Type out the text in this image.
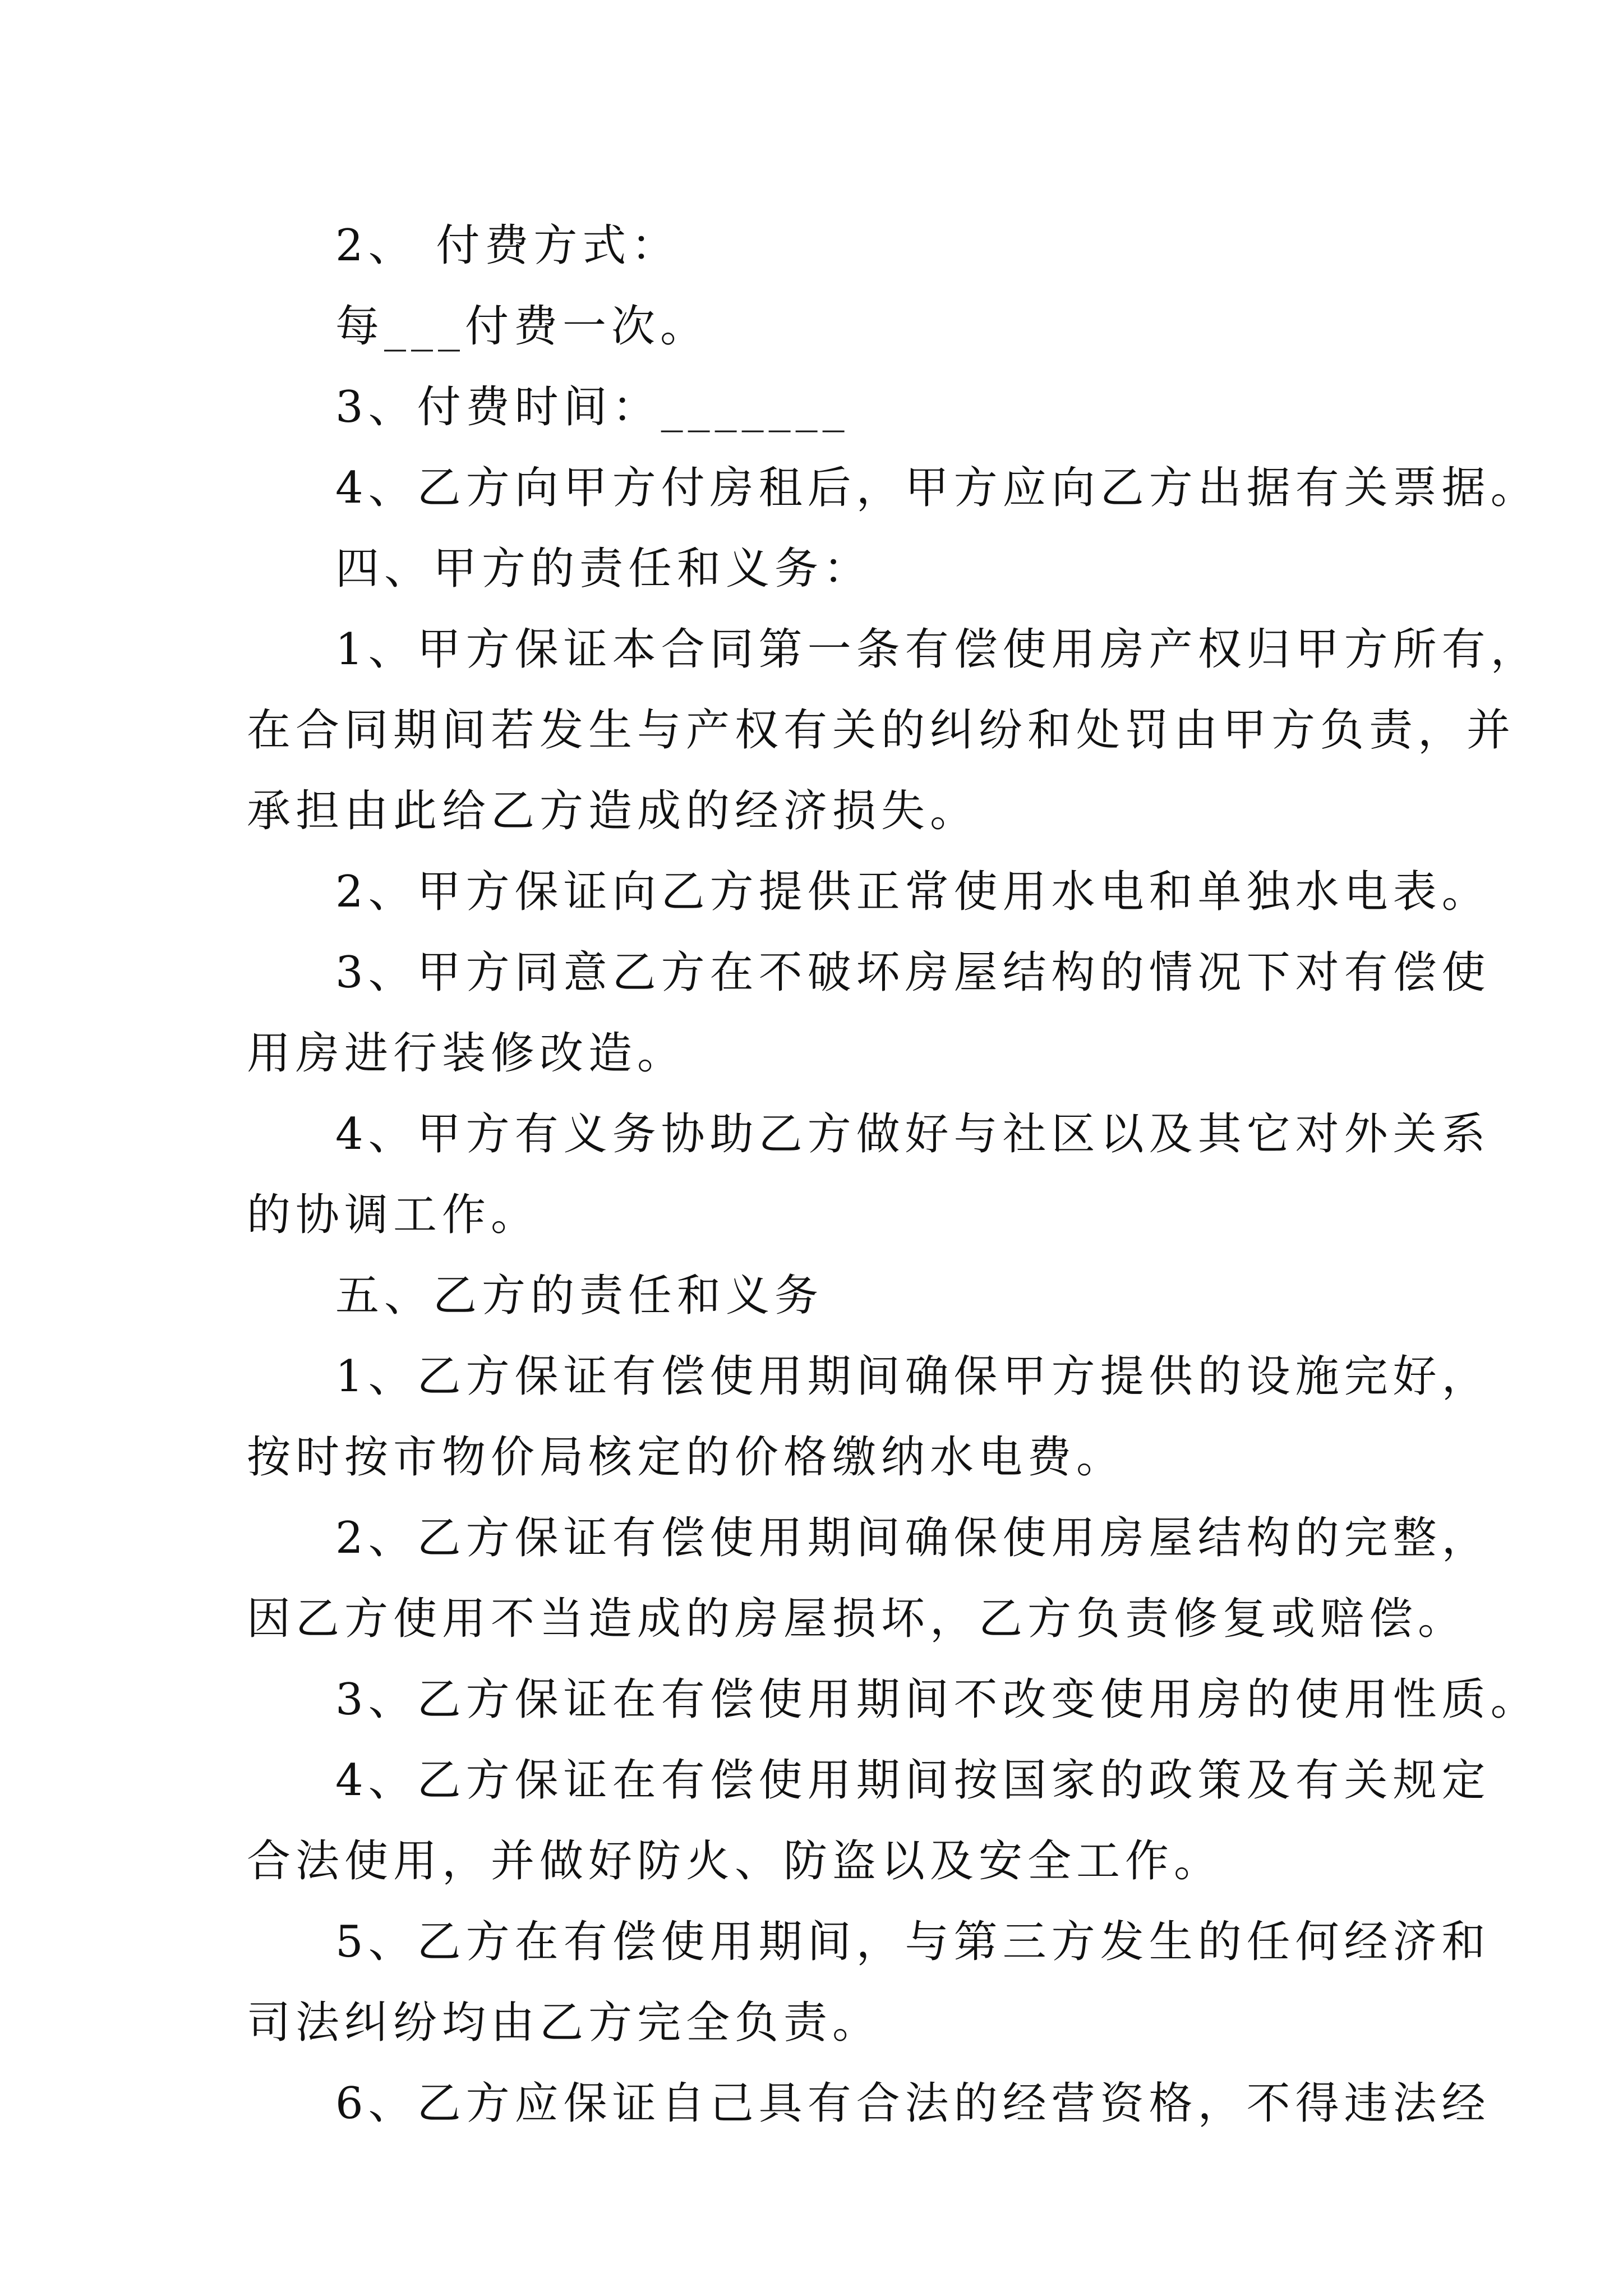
2、 付费方式：
每___付费一次。
3、付费时间：_______
4、乙方向甲方付房租后，甲方应向乙方出据有关票据。
四、甲方的责任和义务：
1、甲方保证本合同第一条有偿使用房产权归甲方所有，
在合同期间若发生与产权有关的纠纷和处罚由甲方负责，并
承担由此给乙方造成的经济损失。
2、甲方保证向乙方提供正常使用水电和单独水电表。
3、甲方同意乙方在不破坏房屋结构的情况下对有偿使
用房进行装修改造。
4、甲方有义务协助乙方做好与社区以及其它对外关系
的协调工作。
五、乙方的责任和义务
1、乙方保证有偿使用期间确保甲方提供的设施完好，
按时按市物价局核定的价格缴纳水电费。
2、乙方保证有偿使用期间确保使用房屋结构的完整，
因乙方使用不当造成的房屋损坏，乙方负责修复或赔偿。
3、乙方保证在有偿使用期间不改变使用房的使用性质。
4、乙方保证在有偿使用期间按国家的政策及有关规定
合法使用，并做好防火、防盗以及安全工作。
5、乙方在有偿使用期间，与第三方发生的任何经济和
司法纠纷均由乙方完全负责。
6、乙方应保证自己具有合法的经营资格，不得违法经
